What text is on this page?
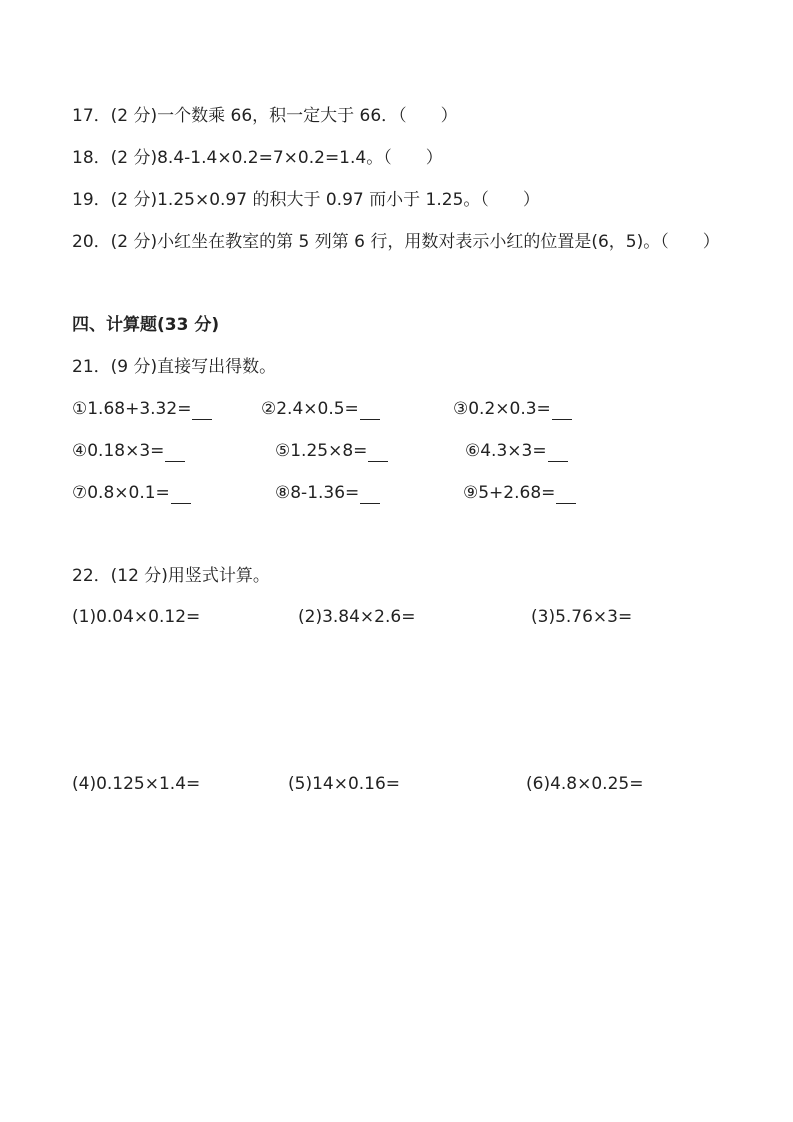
17．(2 分)一个数乘 66，积一定大于 66．（　　）
18．(2 分)8.4-1.4×0.2=7×0.2=1.4。（　　）
19．(2 分)1.25×0.97 的积大于 0.97 而小于 1.25。（　　）
20．(2 分)小红坐在教室的第 5 列第 6 行，用数对表示小红的位置是(6，5)。（　　）
四、计算题(33 分)
21．(9 分)直接写出得数。
①1.68+3.32=	②2.4×0.5=	③0.2×0.3=
④0.18×3=	⑤1.25×8=	⑥4.3×3=
⑦0.8×0.1=	⑧8-1.36=	⑨5+2.68=
22．(12 分)用竖式计算。
(1)0.04×0.12=	(2)3.84×2.6=	(3)5.76×3=
(4)0.125×1.4=	(5)14×0.16=	(6)4.8×0.25=
